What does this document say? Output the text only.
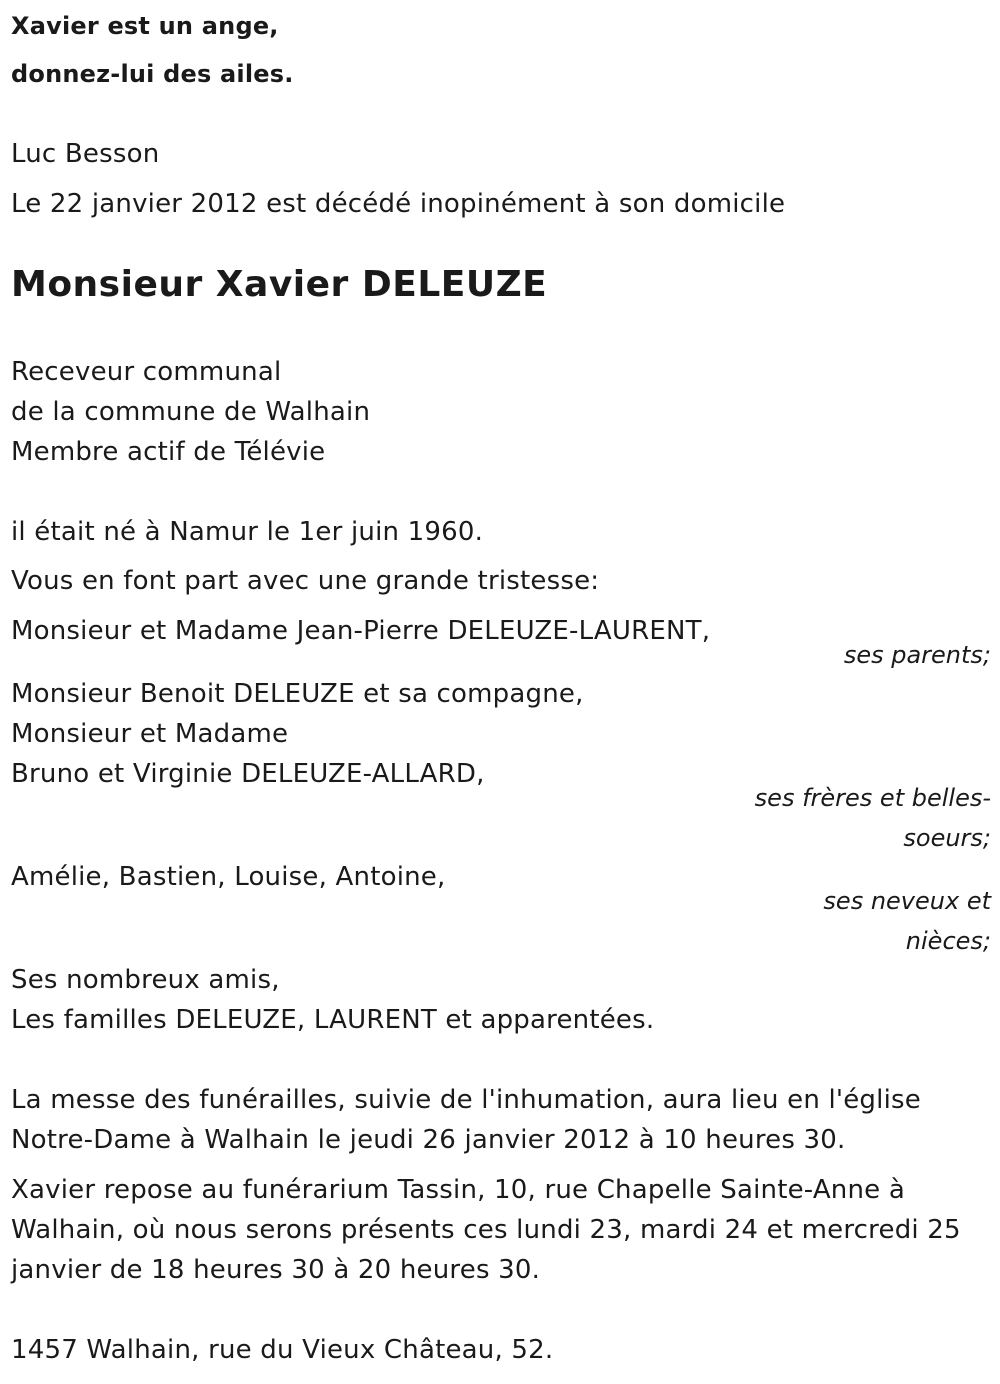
Xavier est un ange,
donnez-lui des ailes.
Luc Besson
Le 22 janvier 2012 est décédé inopinément à son domicile
Monsieur Xavier DELEUZE
Receveur communal
de la commune de Walhain
Membre actif de Télévie
il était né à Namur le 1er juin 1960.
Vous en font part avec une grande tristesse:
Monsieur et Madame Jean-Pierre DELEUZE-LAURENT,
ses parents;
Monsieur Benoit DELEUZE et sa compagne,
Monsieur et Madame
Bruno et Virginie DELEUZE-ALLARD,
ses frères et belles-
soeurs;
Amélie, Bastien, Louise, Antoine,
ses neveux et
nièces;
Ses nombreux amis,
Les familles DELEUZE, LAURENT et apparentées.
La messe des funérailles, suivie de l'inhumation, aura lieu en l'église
Notre-Dame à Walhain le jeudi 26 janvier 2012 à 10 heures 30.
Xavier repose au funérarium Tassin, 10, rue Chapelle Sainte-Anne à
Walhain, où nous serons présents ces lundi 23, mardi 24 et mercredi 25
janvier de 18 heures 30 à 20 heures 30.
1457 Walhain, rue du Vieux Château, 52.
